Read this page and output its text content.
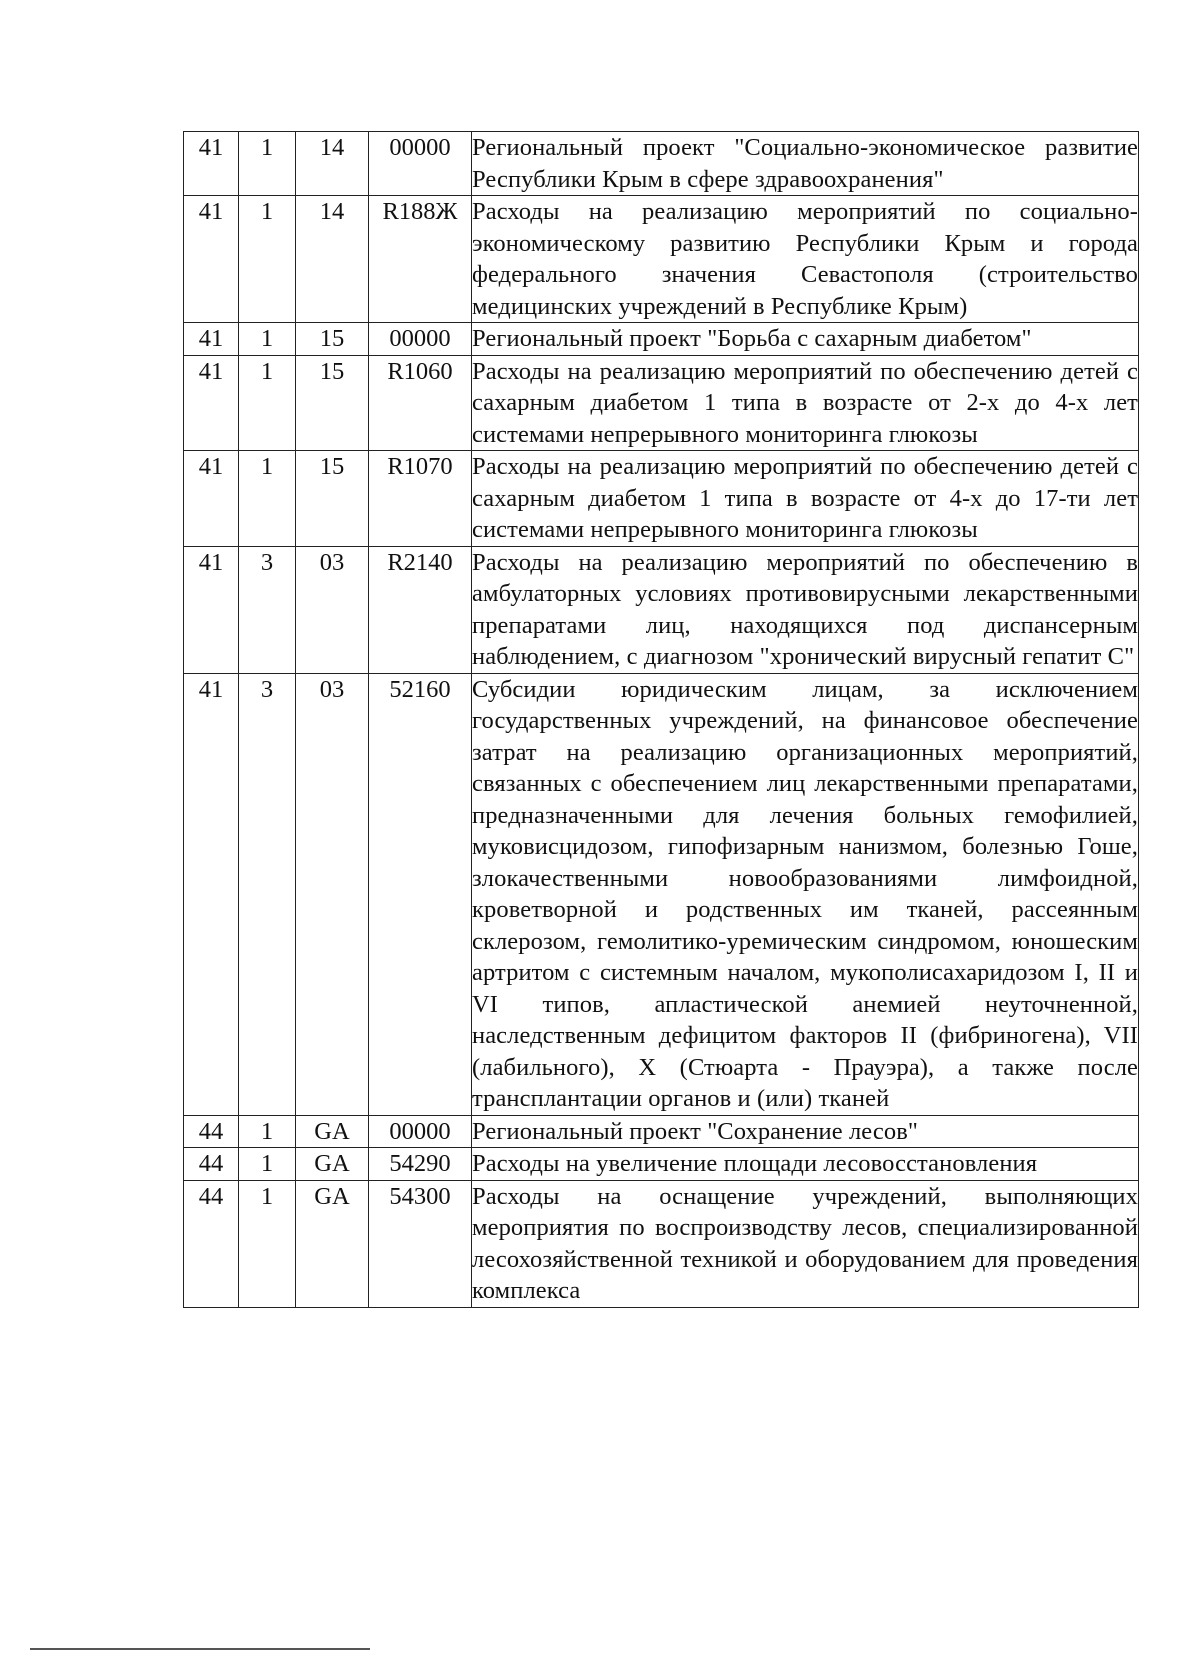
41	1	14	00000	Региональный проект "Социально-экономическое развитие Республики Крым в сфере здравоохранения"
41	1	14	R188Ж	Расходы на реализацию мероприятий по социально-экономическому развитию Республики Крым и города федерального значения Севастополя (строительство медицинских учреждений в Республике Крым)
41	1	15	00000	Региональный проект "Борьба с сахарным диабетом"
41	1	15	R1060	Расходы на реализацию мероприятий по обеспечению детей с сахарным диабетом 1 типа в возрасте от 2-х до 4-х лет системами непрерывного мониторинга глюкозы
41	1	15	R1070	Расходы на реализацию мероприятий по обеспечению детей с сахарным диабетом 1 типа в возрасте от 4-х до 17-ти лет системами непрерывного мониторинга глюкозы
41	3	03	R2140	Расходы на реализацию мероприятий по обеспечению в амбулаторных условиях противовирусными лекарственными препаратами лиц, находящихся под диспансерным наблюдением, с диагнозом "хронический вирусный гепатит С"
41	3	03	52160	Субсидии юридическим лицам, за исключением государственных учреждений, на финансовое обеспечение затрат на реализацию организационных мероприятий, связанных с обеспечением лиц лекарственными препаратами, предназначенными для лечения больных гемофилией, муковисцидозом, гипофизарным нанизмом, болезнью Гоше, злокачественными новообразованиями лимфоидной, кроветворной и родственных им тканей, рассеянным склерозом, гемолитико-уремическим синдромом, юношеским артритом с системным началом, мукополисахаридозом I, II и VI типов, апластической анемией неуточненной, наследственным дефицитом факторов II (фибриногена), VII (лабильного), X (Стюарта - Прауэра), а также после трансплантации органов и (или) тканей
44	1	GA	00000	Региональный проект "Сохранение лесов"
44	1	GA	54290	Расходы на увеличение площади лесовосстановления
44	1	GA	54300	Расходы на оснащение учреждений, выполняющих мероприятия по воспроизводству лесов, специализированной лесохозяйственной техникой и оборудованием для проведения комплекса
